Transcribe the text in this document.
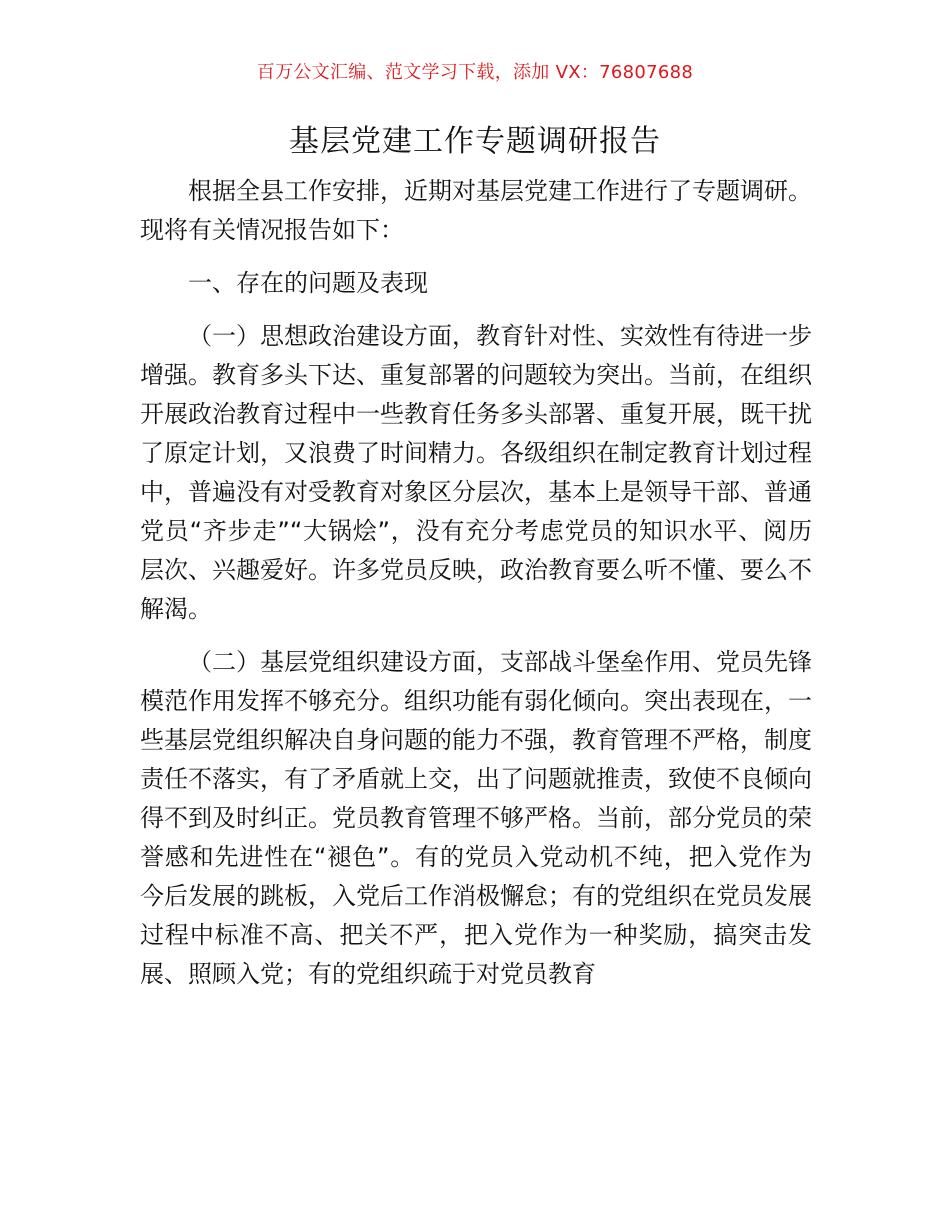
百万公文汇编、范文学习下载，添加 VX：76807688
基层党建工作专题调研报告

根据全县工作安排，近期对基层党建工作进行了专题调研。现将有关情况报告如下：

一、存在的问题及表现

（一）思想政治建设方面，教育针对性、实效性有待进一步增强。教育多头下达、重复部署的问题较为突出。当前，在组织开展政治教育过程中一些教育任务多头部署、重复开展，既干扰了原定计划，又浪费了时间精力。各级组织在制定教育计划过程中，普遍没有对受教育对象区分层次，基本上是领导干部、普通党员“齐步走”“大锅烩”，没有充分考虑党员的知识水平、阅历层次、兴趣爱好。许多党员反映，政治教育要么听不懂、要么不解渴。

（二）基层党组织建设方面，支部战斗堡垒作用、党员先锋模范作用发挥不够充分。组织功能有弱化倾向。突出表现在，一些基层党组织解决自身问题的能力不强，教育管理不严格，制度责任不落实，有了矛盾就上交，出了问题就推责，致使不良倾向得不到及时纠正。党员教育管理不够严格。当前，部分党员的荣誉感和先进性在“褪色”。有的党员入党动机不纯，把入党作为今后发展的跳板，入党后工作消极懈怠；有的党组织在党员发展过程中标准不高、把关不严，把入党作为一种奖励，搞突击发展、照顾入党；有的党组织疏于对党员教育
